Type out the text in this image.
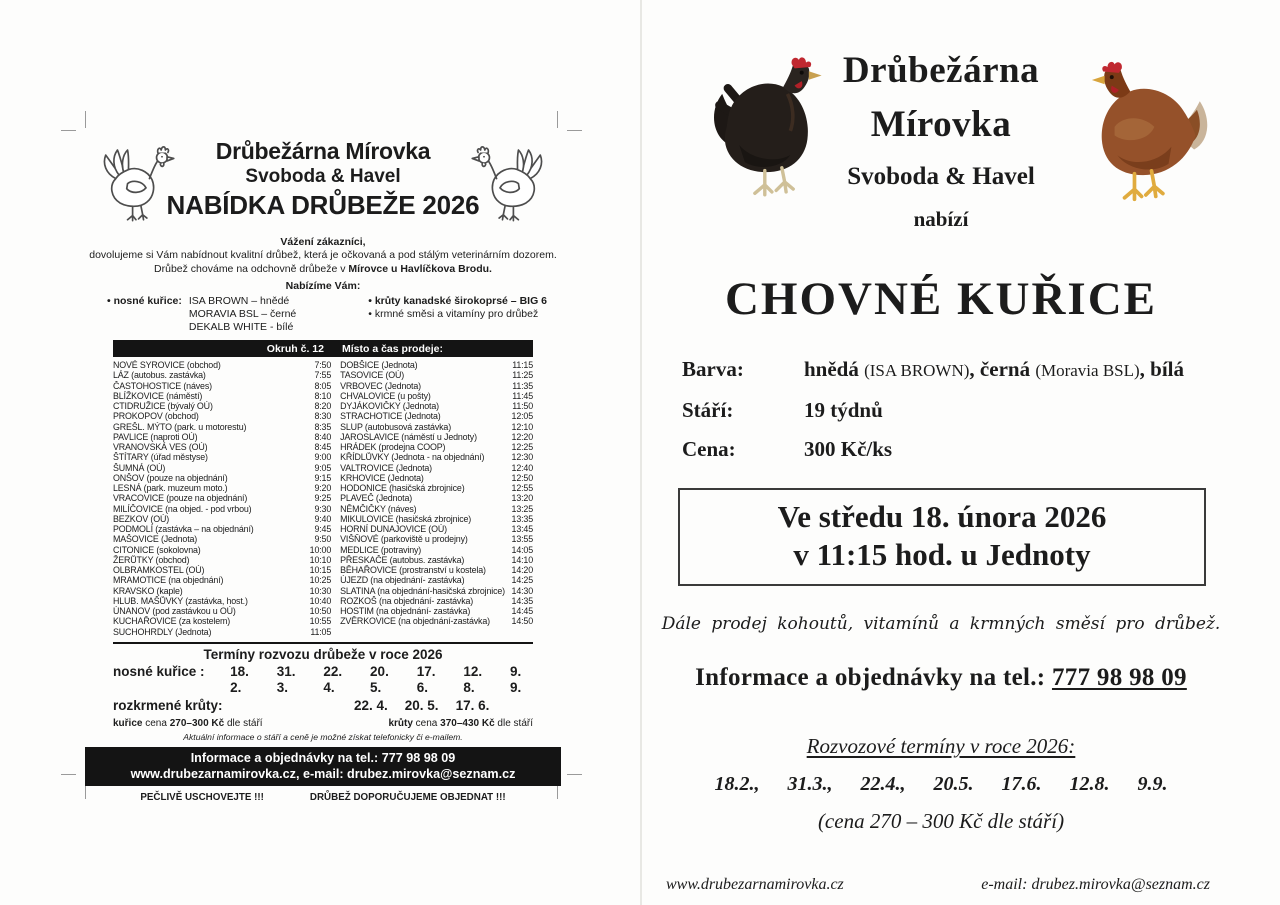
Drůbežárna Mírovka
Svoboda & Havel
NABÍDKA DRŮBEŽE 2026
Vážení zákazníci,
dovolujeme si Vám nabídnout kvalitní drůbež, která je očkovaná a pod stálým veterinárním dozorem.
Drůbež chováme na odchovně drůbeže v Mírovce u Havlíčkova Brodu.
Nabízíme Vám:
• nosné kuřice: ISA BROWN – hnědé
MORAVIA BSL – černé
DEKALB WHITE - bílé
• krůty kanadské širokoprsé – BIG 6
• krmné směsi a vitamíny pro drůbež
Okruh č. 12	Místo a čas prodeje:
NOVÉ SYROVICE (obchod)	7:50
LÁZ (autobus. zastávka)	7:55
ČASTOHOSTICE (náves)	8:05
BLÍŽKOVICE (náměstí)	8:10
CTIDRUŽICE (bývalý OÚ)	8:20
PROKOPOV (obchod)	8:30
GREŠL. MÝTO (park. u motorestu)	8:35
PAVLICE (naproti OÚ)	8:40
VRANOVSKÁ VES (OÚ)	8:45
ŠTÍTARY (úřad městyse)	9:00
ŠUMNÁ (OÚ)	9:05
ONŠOV (pouze na objednání)	9:15
LESNÁ (park. muzeum moto.)	9:20
VRACOVICE (pouze na objednání)	9:25
MILÍČOVICE (na objed. - pod vrbou)	9:30
BEZKOV (OÚ)	9:40
PODMOLÍ (zastávka – na objednání)	9:45
MAŠOVICE (Jednota)	9:50
CITONICE (sokolovna)	10:00
ŽERŮTKY (obchod)	10:10
OLBRAMKOSTEL (OÚ)	10:15
MRAMOTICE (na objednání)	10:25
KRAVSKO (kaple)	10:30
HLUB. MAŠŮVKY (zastávka, host.)	10:40
ÚNANOV (pod zastávkou u OÚ)	10:50
KUCHAŘOVICE (za kostelem)	10:55
SUCHOHRDLY (Jednota)	11:05
DOBŠICE (Jednota)	11:15
TASOVICE (OÚ)	11:25
VRBOVEC (Jednota)	11:35
CHVALOVICE (u pošty)	11:45
DYJÁKOVIČKY (Jednota)	11:50
STRACHOTICE (Jednota)	12:05
SLUP (autobusová zastávka)	12:10
JAROSLAVICE (náměstí u Jednoty)	12:20
HRÁDEK (prodejna COOP)	12:25
KŘÍDLŮVKY (Jednota - na objednání)	12:30
VALTROVICE (Jednota)	12:40
KRHOVICE (Jednota)	12:50
HODONICE (hasičská zbrojnice)	12:55
PLAVEČ (Jednota)	13:20
NĚMČIČKY (náves)	13:25
MIKULOVICE (hasičská zbrojnice)	13:35
HORNÍ DUNAJOVICE (OÚ)	13:45
VIŠŇOVÉ (parkoviště u prodejny)	13:55
MEDLICE (potraviny)	14:05
PŘESKAČE (autobus. zastávka)	14:10
BĚHAŘOVICE (prostranství u kostela)	14:20
ÚJEZD (na objednání- zastávka)	14:25
SLATINA (na objednání-hasičská zbrojnice) 14:30
ROZKOŠ (na objednání- zastávka)	14:35
HOSTIM (na objednání- zastávka)	14:45
ZVĚRKOVICE (na objednání-zastávka)	14:50
Termíny rozvozu drůbeže v roce 2026
nosné kuřice :	18. 2.
31. 3.
22. 4.
20. 5.
17. 6.
12. 8.
9. 9.
rozkrmené krůty:	22. 4. 20. 5. 17. 6.
kuřice cena 270–300 Kč dle stáří	krůty cena 370–430 Kč dle stáří
Aktuální informace o stáří a ceně je možné získat telefonicky či e-mailem.
Informace a objednávky na tel.: 777 98 98 09
www.drubezarnamirovka.cz, e-mail: drubez.mirovka@seznam.cz
PEČLIVĚ USCHOVEJTE !!!	DRŮBEŽ DOPORUČUJEME OBJEDNAT !!!
Drůbežárna
Mírovka
Svoboda & Havel
nabízí
CHOVNÉ KUŘICE
Barva:	hnědá (ISA BROWN), černá (Moravia BSL), bílá
Stáří:	19 týdnů
Cena:	300 Kč/ks
Ve středu 18. února 2026
v 11:15 hod. u Jednoty
Dále prodej kohoutů, vitamínů a krmných směsí pro drůbež.
Informace a objednávky na tel.: 777 98 98 09
Rozvozové termíny v roce 2026:
18.2., 31.3., 22.4., 20.5. 17.6. 12.8. 9.9.
(cena 270 – 300 Kč dle stáří)
www.drubezarnamirovka.cz	e-mail: drubez.mirovka@seznam.cz
